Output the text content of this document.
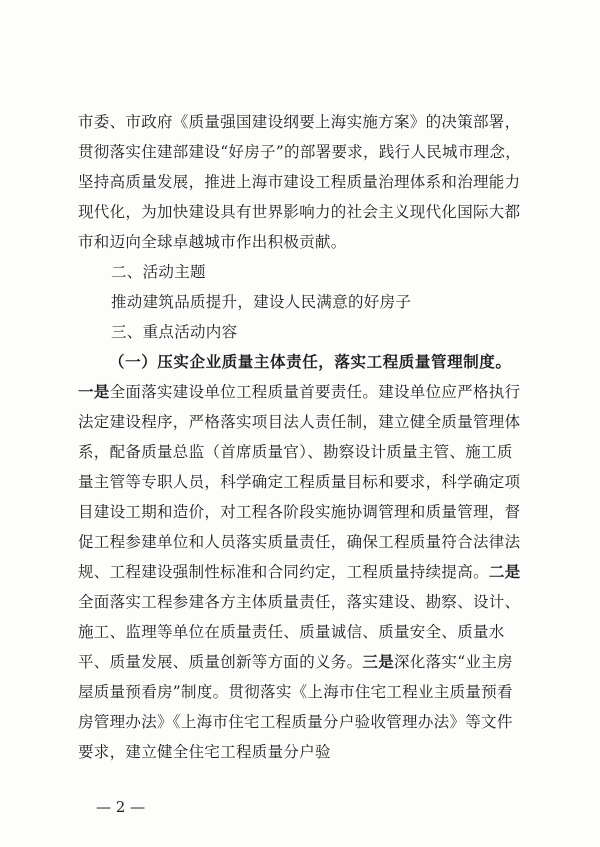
市委、市政府《质量强国建设纲要上海实施方案》的决策部署，贯彻落实住建部建设“好房子”的部署要求，践行人民城市理念，坚持高质量发展，推进上海市建设工程质量治理体系和治理能力现代化，为加快建设具有世界影响力的社会主义现代化国际大都市和迈向全球卓越城市作出积极贡献。

二、活动主题

推动建筑品质提升，建设人民满意的好房子

三、重点活动内容

（一）压实企业质量主体责任，落实工程质量管理制度。
一是全面落实建设单位工程质量首要责任。建设单位应严格执行法定建设程序，严格落实项目法人责任制，建立健全质量管理体系，配备质量总监（首席质量官）、勘察设计质量主管、施工质量主管等专职人员，科学确定工程质量目标和要求，科学确定项目建设工期和造价，对工程各阶段实施协调管理和质量管理，督促工程参建单位和人员落实质量责任，确保工程质量符合法律法规、工程建设强制性标准和合同约定，工程质量持续提高。二是全面落实工程参建各方主体质量责任，落实建设、勘察、设计、施工、监理等单位在质量责任、质量诚信、质量安全、质量水平、质量发展、质量创新等方面的义务。三是深化落实“业主房屋质量预看房”制度。贯彻落实《上海市住宅工程业主质量预看房管理办法》《上海市住宅工程质量分户验收管理办法》等文件要求，建立健全住宅工程质量分户验

— 2 —
